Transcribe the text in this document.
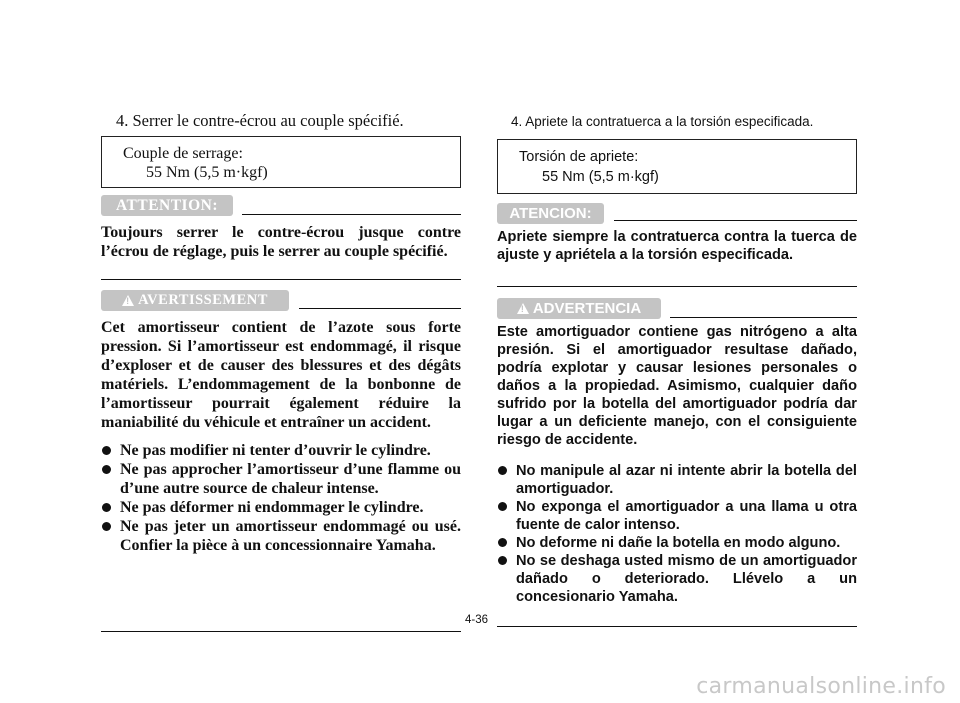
4. Serrer le contre-écrou au couple spécifié.
Couple de serrage:
55 Nm (5,5 m·kgf)
ATTENTION:
Toujours serrer le contre-écrou jusque contre l’écrou de réglage, puis le serrer au couple spécifié.
!
AVERTISSEMENT
Cet amortisseur contient de l’azote sous forte pression. Si l’amortisseur est endommagé, il risque d’exploser et de causer des blessures et des dégâts matériels. L’endommagement de la bonbonne de l’amortisseur pourrait également réduire la maniabilité du véhicule et entraîner un accident.
Ne pas modifier ni tenter d’ouvrir le cylindre.
Ne pas approcher l’amortisseur d’une flamme ou d’une autre source de chaleur intense.
Ne pas déformer ni endommager le cylindre.
Ne pas jeter un amortisseur endommagé ou usé. Confier la pièce à un concessionnaire Yamaha.
4. Apriete la contratuerca a la torsión especificada.
Torsión de apriete:
55 Nm (5,5 m·kgf)
ATENCION:
Apriete siempre la contratuerca contra la tuerca de ajuste y apriétela a la torsión especificada.
!
ADVERTENCIA
Este amortiguador contiene gas nitrógeno a alta presión. Si el amortiguador resultase dañado, podría explotar y causar lesiones personales o daños a la propiedad. Asimismo, cualquier daño sufrido por la botella del amortiguador podría dar lugar a un deficiente manejo, con el consiguiente riesgo de accidente.
No manipule al azar ni intente abrir la botella del amortiguador.
No exponga el amortiguador a una llama u otra fuente de calor intenso.
No deforme ni dañe la botella en modo alguno.
No se deshaga usted mismo de un amortiguador dañado o deteriorado. Llévelo a un concesionario Yamaha.
4-36
carmanualsonline.info
